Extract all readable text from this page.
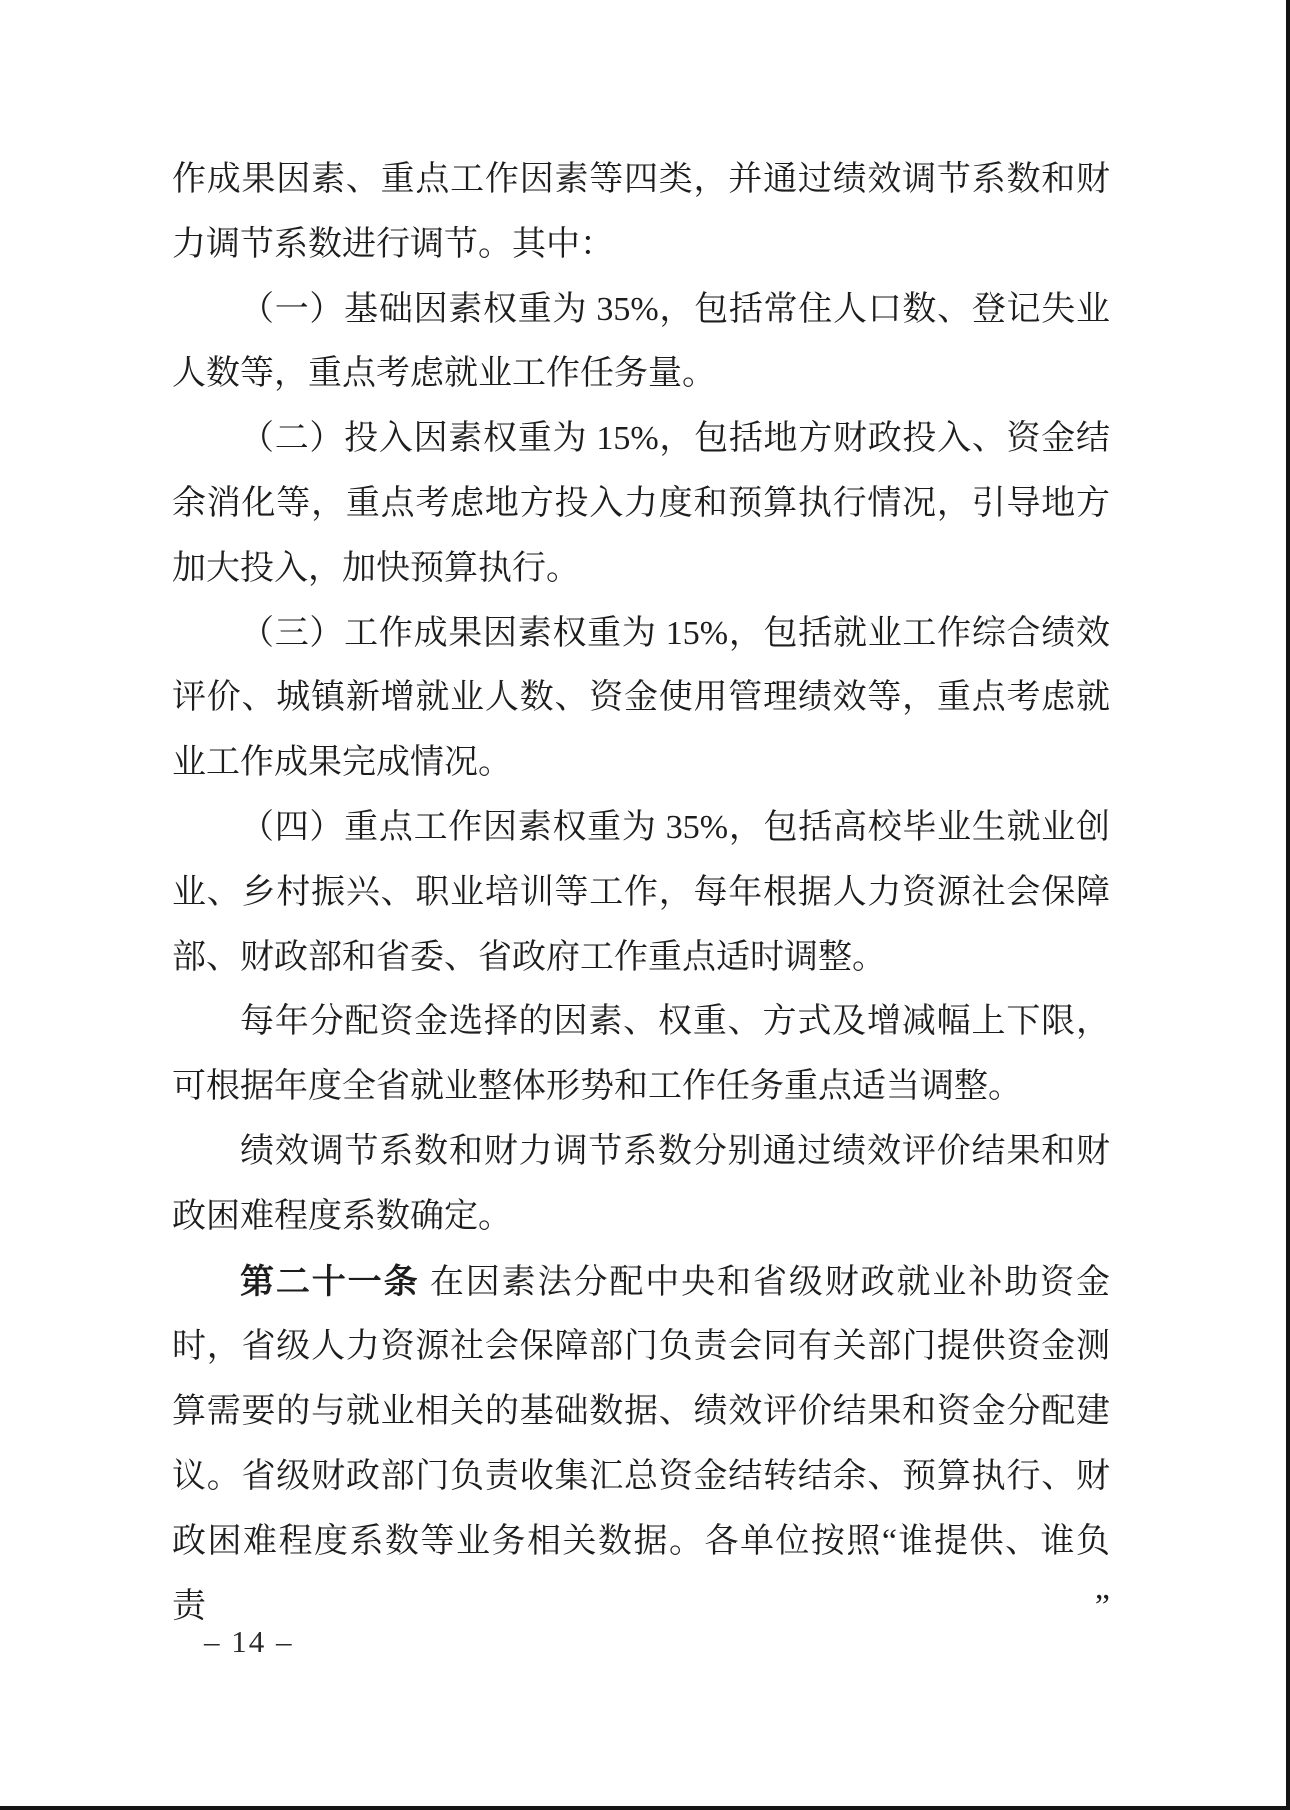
作成果因素、重点工作因素等四类，并通过绩效调节系数和财
力调节系数进行调节。其中：
（一）基础因素权重为 35%，包括常住人口数、登记失业
人数等，重点考虑就业工作任务量。
（二）投入因素权重为 15%，包括地方财政投入、资金结
余消化等，重点考虑地方投入力度和预算执行情况，引导地方
加大投入，加快预算执行。
（三）工作成果因素权重为 15%，包括就业工作综合绩效
评价、城镇新增就业人数、资金使用管理绩效等，重点考虑就
业工作成果完成情况。
（四）重点工作因素权重为 35%，包括高校毕业生就业创
业、乡村振兴、职业培训等工作，每年根据人力资源社会保障
部、财政部和省委、省政府工作重点适时调整。
每年分配资金选择的因素、权重、方式及增减幅上下限，
可根据年度全省就业整体形势和工作任务重点适当调整。
绩效调节系数和财力调节系数分别通过绩效评价结果和财
政困难程度系数确定。
第二十一条 在因素法分配中央和省级财政就业补助资金
时，省级人力资源社会保障部门负责会同有关部门提供资金测
算需要的与就业相关的基础数据、绩效评价结果和资金分配建
议。省级财政部门负责收集汇总资金结转结余、预算执行、财
政困难程度系数等业务相关数据。各单位按照“谁提供、谁负责”
– 14 –
